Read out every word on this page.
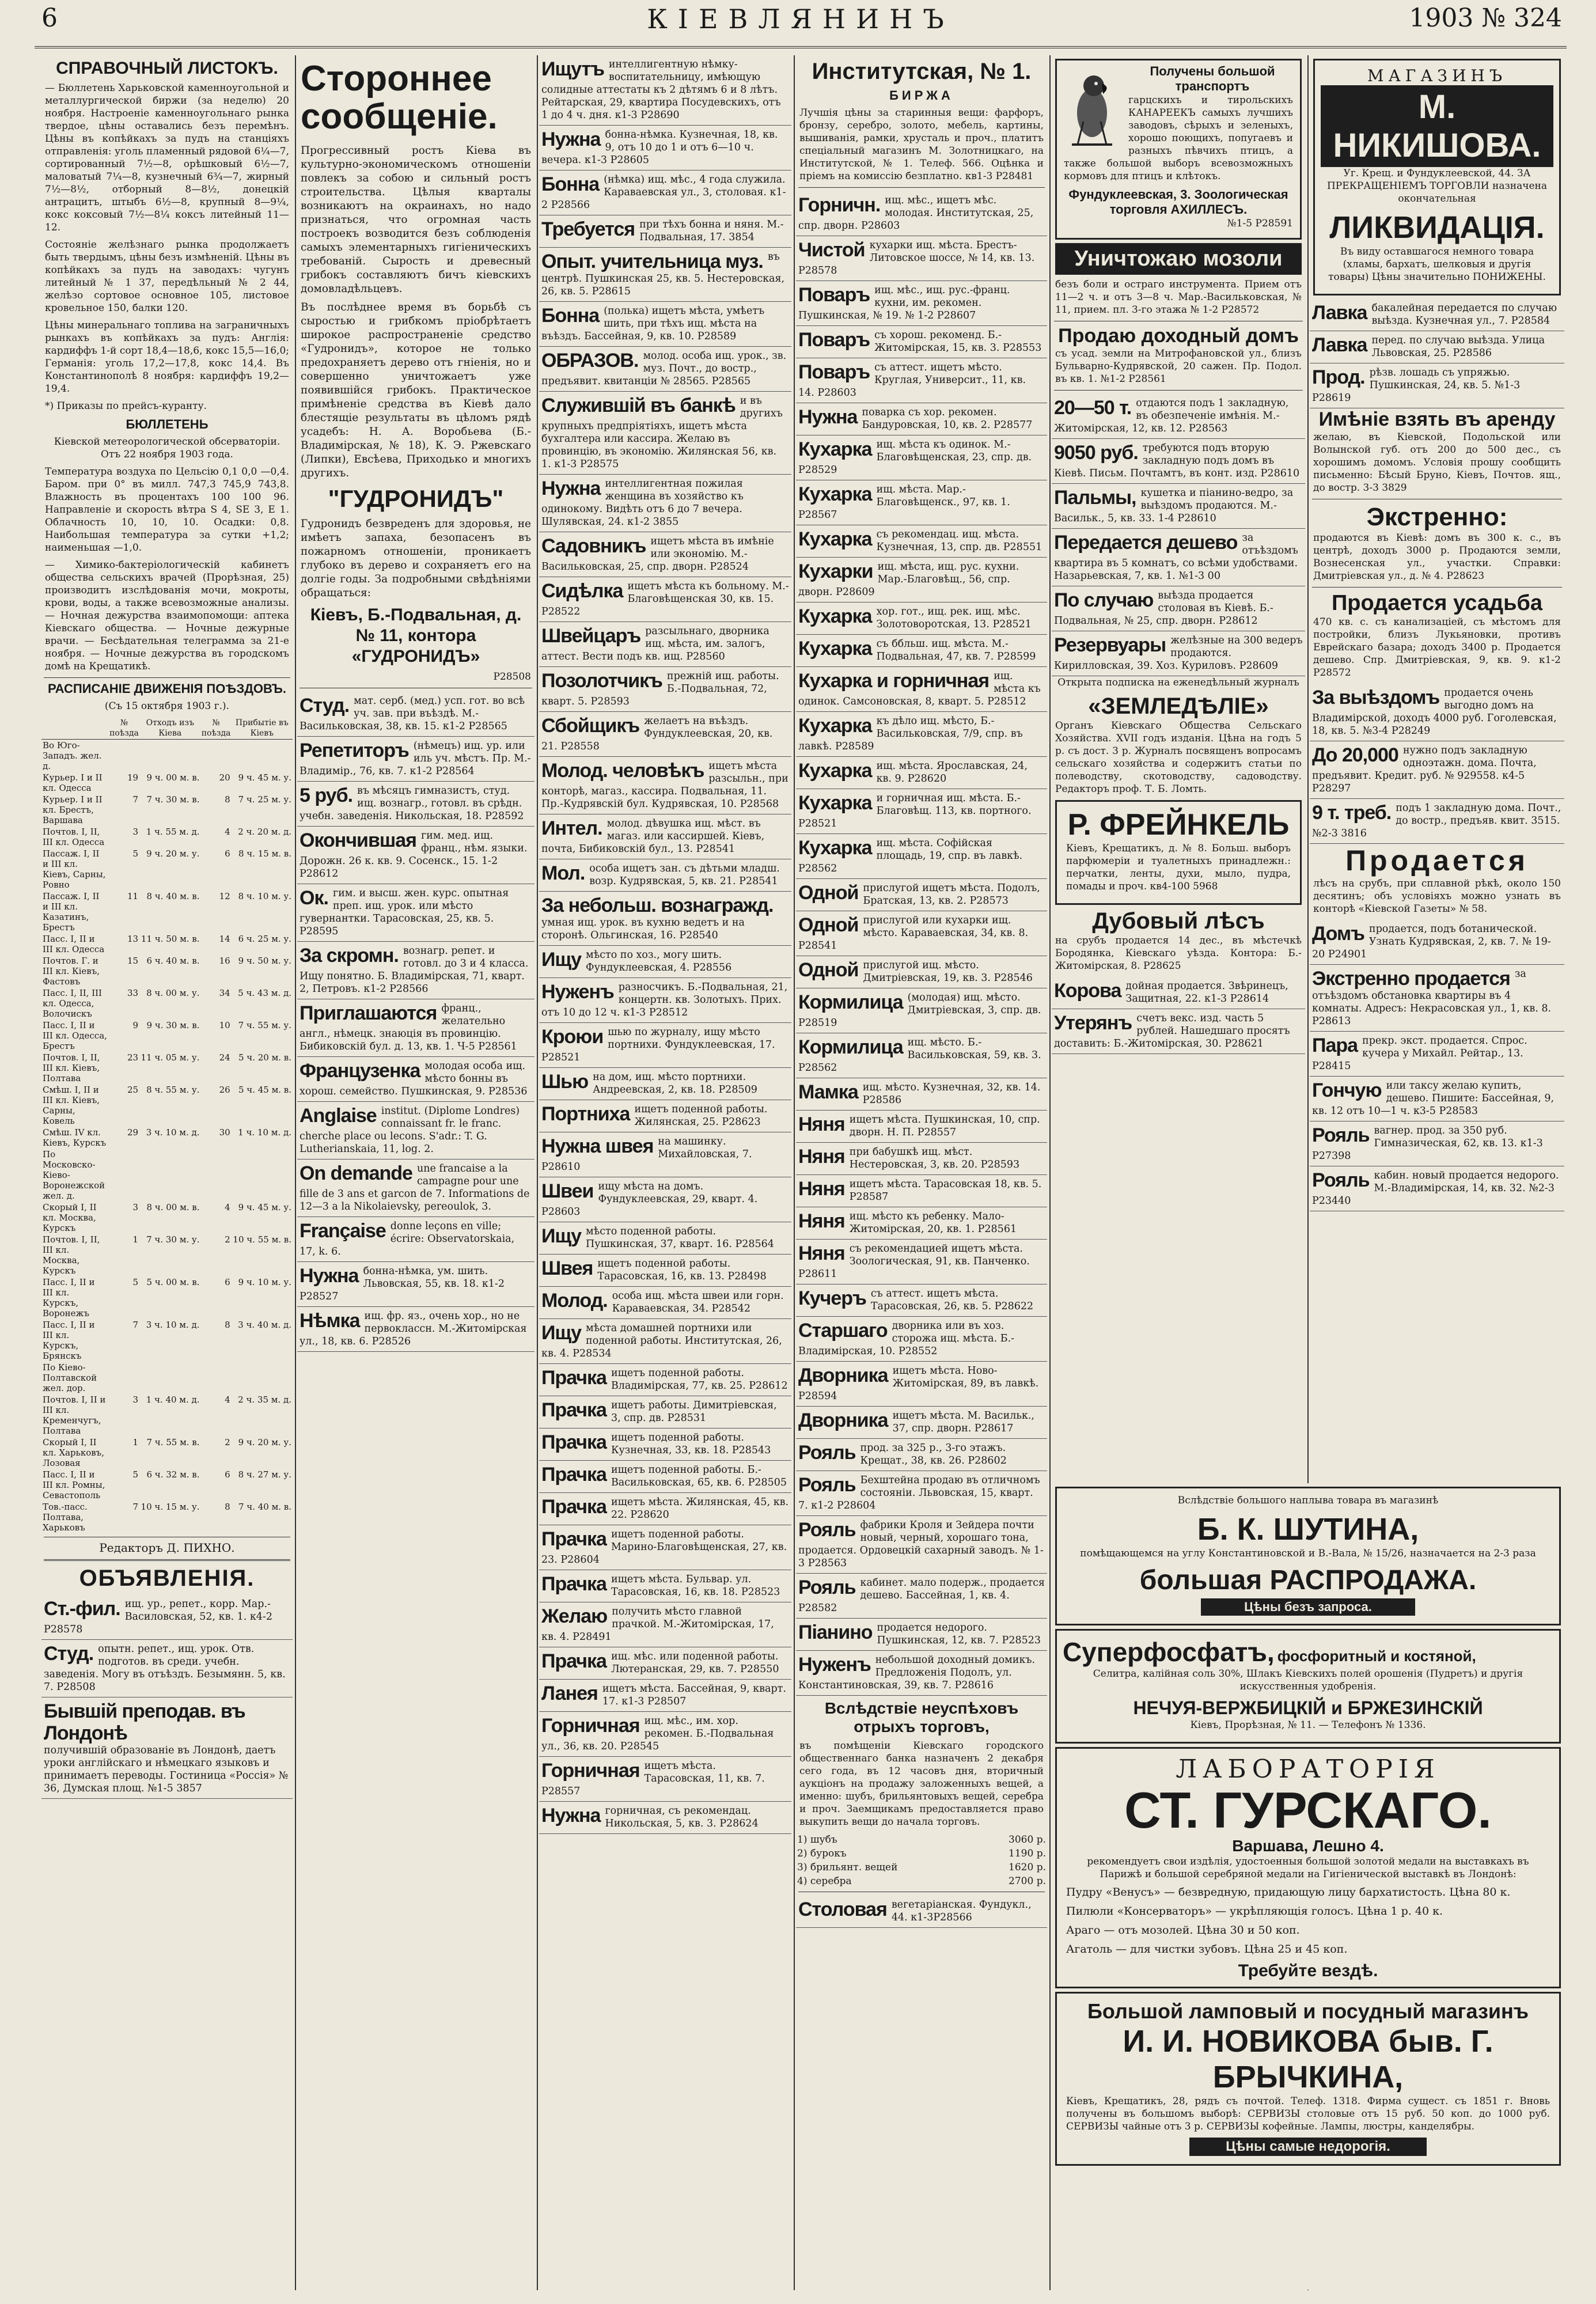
6	КІЕВЛЯНИНЪ	1903 № 324
СПРАВОЧНЫЙ ЛИСТОКЪ.
— Бюллетень Харьковской каменноугольной и металлургической биржи (за неделю) 20 ноября. Настроеніе каменноугольнаго рынка твердое, цѣны оставались безъ перемѣнъ. Цѣны въ копѣйкахъ за пудъ на станціяхъ отправленія: уголь пламенный рядовой 6¼—7, сортированный 7½—8, орѣшковый 6½—7, маловатый 7¼—8, кузнечный 6¾—7, жирный 7½—8½, отборный 8—8½, донецкій антрацитъ, штыбъ 6½—8, крупный 8—9¼, кокс коксовый 7½—8¼ коксъ литейный 11—12.
Состояніе желѣзнаго рынка продолжаетъ быть твердымъ, цѣны безъ измѣненій. Цѣны въ копѣйкахъ за пудъ на заводахъ: чугунъ литейный № 1 37, передѣльный № 2 44, желѣзо сортовое основное 105, листовое кровельное 150, балки 120.
Цѣны минеральнаго топлива на заграничныхъ рынкахъ въ копѣйкахъ за пудъ: Англія: кардиффъ 1-й сорт 18,4—18,6, кокс 15,5—16,0; Германія: уголь 17,2—17,8, кокс 14,4. Въ Константинополѣ 8 ноября: кардиффъ 19,2—19,4.
*) Приказы по прейсъ-куранту.
БЮЛЛЕТЕНЬ
Кіевской метеорологической обсерваторіи. Отъ 22 ноября 1903 года.
Температура воздуха по Цельсію 0,1 0,0 —0,4. Баром. при 0° въ милл. 747,3 745,9 743,8. Влажность въ процентахъ 100 100 96. Направленіе и скорость вѣтра S 4, SE 3, E 1. Облачность 10, 10, 10. Осадки: 0,8. Наибольшая температура за сутки +1,2; наименьшая —1,0.
— Химико-бактеріологическій кабинетъ общества сельскихъ врачей (Прорѣзная, 25) производитъ изслѣдованія мочи, мокроты, крови, воды, а также всевозможные анализы. — Ночная дежурства взаимопомощи: аптека Кіевскаго общества. — Ночные дежурные врачи. — Бесѣдательная телеграмма за 21-е ноября. — Ночные дежурства въ городскомъ домѣ на Крещатикѣ.
РАСПИСАНІЕ ДВИЖЕНІЯ ПОѢЗДОВЪ.
(Съ 15 октября 1903 г.).
	№ поѣзда	Отходъ изъ Кіева	№ поѣзда	Прибытіе въ Кіевъ
Во Юго-Западъ. жел. д.				
Курьер. I и II кл. Одесса	19	9 ч. 00 м. в.	20	9 ч. 45 м. у.
Курьер. I и II кл. Брестъ, Варшава	7	7 ч. 30 м. в.	8	7 ч. 25 м. у.
Почтов. I, II, III кл. Одесса	3	1 ч. 55 м. д.	4	2 ч. 20 м. д.
Пассаж. I, II и III кл. Кіевъ, Сарны, Ровно	5	9 ч. 20 м. у.	6	8 ч. 15 м. в.
Пассаж. I, II и III кл. Казатинъ, Брестъ	11	8 ч. 40 м. в.	12	8 ч. 10 м. у.
Пасс. I, II и III кл. Одесса	13	11 ч. 50 м. в.	14	6 ч. 25 м. у.
Почтов. Г. и III кл. Кіевъ, Фастовъ	15	6 ч. 40 м. в.	16	9 ч. 50 м. у.
Пасс. I, II, III кл. Одесса, Волочискъ	33	8 ч. 00 м. у.	34	5 ч. 43 м. д.
Пасс. I, II и III кл. Одесса, Брестъ	9	9 ч. 30 м. в.	10	7 ч. 55 м. у.
Почтов. I, II, III кл. Кіевъ, Полтава	23	11 ч. 05 м. у.	24	5 ч. 20 м. в.
Смѣш. I, II и III кл. Кіевъ, Сарны, Ковель	25	8 ч. 55 м. у.	26	5 ч. 45 м. в.
Смѣш. IV кл. Кіевъ, Курскъ	29	3 ч. 10 м. д.	30	1 ч. 10 м. д.
По Московско-Кіево-Воронежской жел. д.				
Скорый I, II кл. Москва, Курскъ	3	8 ч. 00 м. в.	4	9 ч. 45 м. у.
Почтов. I, II, III кл. Москва, Курскъ	1	7 ч. 30 м. у.	2	10 ч. 55 м. в.
Пасс. I, II и III кл. Курскъ, Воронежъ	5	5 ч. 00 м. в.	6	9 ч. 10 м. у.
Пасс. I, II и III кл. Курскъ, Брянскъ	7	3 ч. 10 м. д.	8	3 ч. 40 м. д.
По Кіево-Полтавской жел. дор.				
Почтов. I, II и III кл. Кременчугъ, Полтава	3	1 ч. 40 м. д.	4	2 ч. 35 м. д.
Скорый I, II кл. Харьковъ, Лозовая	1	7 ч. 55 м. в.	2	9 ч. 20 м. у.
Пасс. I, II и III кл. Ромны, Севастополь	5	6 ч. 32 м. в.	6	8 ч. 27 м. у.
Тов.-пасс. Полтава, Харьковъ	7	10 ч. 15 м. у.	8	7 ч. 40 м. в.
Редакторъ Д. ПИХНО.
ОБЪЯВЛЕНІЯ.
Ст.-фил. ищ. ур., репет., корр. Мар.-Василовская, 52, кв. 1. к4-2 P28578
Студ. опытн. репет., ищ. урок. Отв. подготов. въ среди. учебн. заведенія. Могу въ отъѣздъ. Безымянн. 5, кв. 7. P28508
Бывшій преподав. въ Лондонѣ
получившій образованіе въ Лондонѣ, даетъ уроки англійскаго и нѣмецкаго языковъ и принимаетъ переводы. Гостиница «Россія» № 36, Думская площ. №1-5 3857
Стороннее сообщеніе.
Прогрессивный ростъ Кіева въ культурно-экономическомъ отношеніи повлекъ за собою и сильный ростъ строительства. Цѣлыя кварталы возникаютъ на окраинахъ, но надо признаться, что огромная часть построекъ возводится безъ соблюденія самыхъ элементарныхъ гигіеническихъ требованій. Сырость и древесный грибокъ составляютъ бичъ кіевскихъ домовладѣльцевъ.
Въ послѣднее время въ борьбѣ съ сыростью и грибкомъ пріобрѣтаетъ широкое распространеніе средство «Гудронидъ», которое не только предохраняетъ дерево отъ гніенія, но и совершенно уничтожаетъ уже появившійся грибокъ. Практическое примѣненіе средства въ Кіевѣ дало блестящіе результаты въ цѣломъ рядѣ усадебъ: Н. А. Воробьева (Б.-Владимірская, № 18), К. Э. Ржевскаго (Липки), Евсѣева, Приходько и многихъ другихъ.
"ГУДРОНИДЪ"
Гудронидъ безвреденъ для здоровья, не имѣетъ запаха, безопасенъ въ пожарномъ отношеніи, проникаетъ глубоко въ дерево и сохраняетъ его на долгіе годы. За подробными свѣдѣніями обращаться:
Кіевъ, Б.-Подвальная, д. № 11, контора «ГУДРОНИДЪ»
P28508
Студ. мат. серб. (мед.) усп. гот. во всѣ уч. зав. при въѣздѣ. М.-Васильковская, 38, кв. 15. к1-2 P28565
Репетиторъ (нѣмецъ) ищ. ур. или иль уч. мѣстъ. Пр. М.-Владимір., 76, кв. 7. к1-2 P28564
5 руб. въ мѣсяцъ гимназистъ, студ. ищ. вознагр., готовл. въ срѣдн. учебн. заведенія. Никольская, 18. P28592
Окончившая гим. мед. ищ. франц., нѣм. языки. Дорожн. 26 к. кв. 9. Сосенск., 15. 1-2 P28612
Ок. гим. и высш. жен. курс. опытная преп. ищ. урок. или мѣсто гувернантки. Тарасовская, 25, кв. 5. P28595
За скромн. вознагр. репет. и готовл. до 3 и 4 класса. Ищу понятно. Б. Владимірская, 71, кварт. 2, Петровъ. к1-2 P28566
Приглашаются франц., желательно англ., нѣмецк. знаюція въ провинцію. Бибиковскій бул. д. 13, кв. 1. Ч-5 P28561
Французенка молодая особа ищ. мѣсто бонны въ хорош. семейство. Пушкинская, 9. P28536
Anglaise institut. (Diplome Londres) connaissant fr. le franc. cherche place ou lecons. S'adr.: T. G. Lutherianskaia, 11, log. 2.
On demande une francaise a la campagne pour une fille de 3 ans et garcon de 7. Informations de 12—3 a la Nikolaievsky, pereoulok, 3.
Française donne leçons en ville; écrire: Observatorskaia, 17, k. 6.
Нужна бонна-нѣмка, ум. шить. Львовская, 55, кв. 18. к1-2 P28527
Нѣмка ищ. фр. яз., очень хор., но не первоклассн. М.-Житомірская ул., 18, кв. 6. P28526
Ищутъ интеллигентную нѣмку-воспитательницу, имѣющую солидные аттестаты къ 2 дѣтямъ 6 и 8 лѣтъ. Рейтарская, 29, квартира Посудевскихъ, отъ 1 до 4 ч. дня. к1-3 P28690
Нужна бонна-нѣмка. Кузнечная, 18, кв. 9, отъ 10 до 1 и отъ 6—10 ч. вечера. к1-3 P28605
Бонна (нѣмка) ищ. мѣс., 4 года служила. Караваевская ул., 3, столовая. к1-2 P28566
Требуется при тѣхъ бонна и няня. М.-Подвальная, 17. 3854
Опыт. учительница муз. въ центрѣ. Пушкинская 25, кв. 5. Нестеровская, 26, кв. 5. P28615
Бонна (полька) ищетъ мѣста, умѣетъ шить, при тѣхъ ищ. мѣста на въѣздъ. Бассейная, 9, кв. 10. P28589
ОБРАЗОВ. молод. особа ищ. урок., зв. муз. Почт., до востр., предъявит. квитанціи № 28565. P28565
Служившій въ банкѣ и въ другихъ крупныхъ предпріятіяхъ, ищетъ мѣста бухгалтера или кассира. Желаю въ провинцію, въ экономію. Жилянская 56, кв. 1. к1-3 P28575
Нужна интеллигентная пожилая женщина въ хозяйство къ одинокому. Видѣть отъ 6 до 7 вечера. Шулявская, 24. к1-2 3855
Садовникъ ищетъ мѣста въ имѣніе или экономію. М.-Васильковская, 25, спр. дворн. P28524
Сидѣлка ищетъ мѣста къ больному. М.-Благовѣщенская 30, кв. 15. P28522
Швейцаръ разсыльнаго, дворника ищ. мѣста, им. залогъ, аттест. Вести подъ кв. ищ. P28560
Позолотчикъ прежній ищ. работы. Б.-Подвальная, 72, кварт. 5. P28593
Сбойщикъ желаетъ на въѣздъ. Фундуклеевская, 20, кв. 21. P28558
Молод. человѣкъ ищетъ мѣста разсыльн., при конторѣ, магаз., кассира. Подвальная, 11. Пр.-Кудрявскій бул. Кудрявская, 10. P28568
Интел. молод. дѣвушка ищ. мѣст. въ магаз. или кассиршей. Кіевъ, почта, Бибиковскій бул., 13. P28541
Мол. особа ищетъ зан. съ дѣтьми младш. возр. Кудрявская, 5, кв. 21. P28541
За небольш. вознагражд.
умная ищ. урок. въ кухню ведетъ и на сторонѣ. Ольгинская, 16. P28540
Ищу мѣсто по хоз., могу шить. Фундуклеевская, 4. P28556
Нуженъ разносчикъ. Б.-Подвальная, 21, концертн. кв. Золотыхъ. Прих. отъ 10 до 12 ч. к1-3 P28512
Кроюи шью по журналу, ищу мѣсто портнихи. Фундуклеевская, 17. P28521
Шью на дом, ищ. мѣсто портнихи. Андреевская, 2, кв. 18. P28509
Портниха ищетъ поденной работы. Жилянская, 25. P28623
Нужна швея на машинку. Михайловская, 7. P28610
Швеи ищу мѣста на домъ. Фундуклеевская, 29, кварт. 4. P28603
Ищу мѣсто поденной работы. Пушкинская, 37, кварт. 16. P28564
Швея ищетъ поденной работы. Тарасовская, 16, кв. 13. P28498
Молод. особа ищ. мѣста швеи или горн. Караваевская, 34. P28542
Ищу мѣста домашней портнихи или поденной работы. Институтская, 26, кв. 4. P28534
Прачка ищетъ поденной работы. Владимірская, 77, кв. 25. P28612
Прачка ищетъ работы. Димитріевская, 3, спр. дв. P28531
Прачка ищетъ поденной работы. Кузнечная, 33, кв. 18. P28543
Прачка ищетъ поденной работы. Б.-Васильковская, 65, кв. 6. P28505
Прачка ищетъ мѣста. Жилянская, 45, кв. 22. P28620
Прачка ищетъ поденной работы. Марино-Благовѣщенская, 27, кв. 23. P28604
Прачка ищетъ мѣста. Бульвар. ул. Тарасовская, 16, кв. 18. P28523
Желаю получить мѣсто главной прачкой. М.-Житомірская, 17, кв. 4. P28491
Прачка ищ. мѣс. или поденной работы. Лютеранская, 29, кв. 7. P28550
Ланея ищетъ мѣста. Бассейная, 9, кварт. 17. к1-3 P28507
Горничная ищ. мѣс., им. хор. рекомен. Б.-Подвальная ул., 36, кв. 20. P28545
Горничная ищетъ мѣста. Тарасовская, 11, кв. 7. P28557
Нужна горничная, съ рекомендац. Никольская, 5, кв. 3. P28624
Институтская, № 1.
БИРЖА
Лучшія цѣны за старинныя вещи: фарфоръ, бронзу, серебро, золото, мебель, картины, вышиванія, рамки, хрусталь и проч., платитъ спеціальный магазинъ М. Золотницкаго, на Институтской, № 1. Телеф. 566. Оцѣнка и пріемъ на комиссію безплатно. кв1-3 P28481
Горничн. ищ. мѣс., ищетъ мѣс. молодая. Институтская, 25, спр. дворн. P28603
Чистой кухарки ищ. мѣста. Брестъ-Литовское шоссе, № 14, кв. 13. P28578
Поваръ ищ. мѣс., ищ. рус.-франц. кухни, им. рекомен. Пушкинская, № 19. № 1-2 P28607
Поваръ съ хорош. рекоменд. Б.-Житомірская, 15, кв. 3. P28553
Поваръ съ аттест. ищетъ мѣсто. Круглая, Университ., 11, кв. 14. P28603
Нужна поварка съ хор. рекомен. Бандуровская, 10, кв. 2. P28577
Кухарка ищ. мѣста къ одинок. М.-Благовѣщенская, 23, спр. дв. P28529
Кухарка ищ. мѣста. Мар.-Благовѣщенск., 97, кв. 1. P28567
Кухарка съ рекомендац. ищ. мѣста. Кузнечная, 13, спр. дв. P28551
Кухарки ищ. мѣста, ищ. рус. кухни. Мар.-Благовѣщ., 56, спр. дворн. P28609
Кухарка хор. гот., ищ. рек. ищ. мѣс. Золотоворотская, 13. P28521
Кухарка съ ббльш. ищ. мѣста. М.-Подвальная, 47, кв. 7. P28599
Кухарка и горничная ищ. мѣста къ одинок. Самсоновская, 8, кварт. 5. P28512
Кухарка къ дѣло ищ. мѣсто, Б.-Васильковская, 7/9, спр. въ лавкѣ. P28589
Кухарка ищ. мѣста. Ярославская, 24, кв. 9. P28620
Кухарка и горничная ищ. мѣста. Б.-Благовѣщ. 113, кв. портного. P28521
Кухарка ищ. мѣста. Софійская площадь, 19, спр. въ лавкѣ. P28562
Одной прислугой ищетъ мѣста. Подолъ, Братская, 13, кв. 2. P28573
Одной прислугой или кухарки ищ. мѣсто. Караваевская, 34, кв. 8. P28541
Одной прислугой ищ. мѣсто. Дмитріевская, 19, кв. 3. P28546
Кормилица (молодая) ищ. мѣсто. Дмитріевская, 3, спр. дв. P28519
Кормилица ищ. мѣсто. Б.-Васильковская, 59, кв. 3. P28562
Мамка ищ. мѣсто. Кузнечная, 32, кв. 14. P28586
Няня ищетъ мѣста. Пушкинская, 10, спр. дворн. Н. П. P28557
Няня при бабушкѣ ищ. мѣст. Нестеровская, 3, кв. 20. P28593
Няня ищетъ мѣста. Тарасовская 18, кв. 5. P28587
Няня ищ. мѣсто къ ребенку. Мало-Житомірская, 20, кв. 1. P28561
Няня съ рекомендацией ищетъ мѣста. Зоологическая, 91, кв. Панченко. P28611
Кучеръ съ аттест. ищетъ мѣста. Тарасовская, 26, кв. 5. P28622
Старшаго дворника или въ хоз. сторожа ищ. мѣста. Б.-Владимірская, 10. P28552
Дворника ищетъ мѣста. Ново-Житомірская, 89, въ лавкѣ. P28594
Дворника ищетъ мѣста. М. Васильк., 37, спр. дворн. P28617
Рояль прод. за 325 р., 3-го этажъ. Крещат., 38, кв. 26. P28602
Рояль Бехштейна продаю въ отличномъ состояніи. Львовская, 15, кварт. 7. к1-2 P28604
Рояль фабрики Кроля и Зейдера почти новый, черный, хорошаго тона, продается. Ордовецкій сахарный заводъ. № 1-3 P28563
Рояль кабинет. мало подерж., продается дешево. Бассейная, 1, кв. 4. P28582
Піанино продается недорого. Пушкинская, 12, кв. 7. P28523
Нуженъ небольшой доходный домикъ. Предложенія Подолъ, ул. Константиновская, 39, кв. 7. P28616
Вслѣдствіе неуспѣховъ отрыхъ торговъ,
въ помѣщеніи Кіевскаго городского общественнаго банка назначенъ 2 декабря сего года, въ 12 часовъ дня, вторичный аукціонъ на продажу заложенныхъ вещей, а именно: шубъ, брильянтовыхъ вещей, серебра и проч. Заемщикамъ предоставляется право выкупить вещи до начала торговъ.
1) шубъ	3060 р.
2) бурокъ	1190 р.
3) брильянт. вещей	1620 р.
4) серебра	2700 р.
Столовая вегетаріанская. Фундукл., 44. к1-3P28566
Получены большой транспортъ
гарцскихъ и тирольскихъ КАНАРЕЕКЪ самыхъ лучшихъ заводовъ, сѣрыхъ и зеленыхъ, хорошо поющихъ, попугаевъ и разныхъ пѣвчихъ птицъ, а также большой выборъ всевозможныхъ кормовъ для птицъ и клѣтокъ.
Фундуклеевская, 3. Зоологическая торговля АХИЛЛЕСЪ.
№1-5 P28591
Уничтожаю мозоли
безъ боли и остраго инструмента. Прием отъ 11—2 ч. и отъ 3—8 ч. Мар.-Васильковская, № 11, прием. пл. 3-го этажа № 1-2 P28572
Продаю доходный домъ
съ усад. земли на Митрофановской ул., близъ Бульварно-Кудрявской, 20 сажен. Пр. Подол. въ кв. 1. №1-2 P28561
20—50 т. отдаются подъ 1 закладную, въ обезпеченіе имѣнія. М.-Житомірская, 12, кв. 12. P28563
9050 руб. требуются подъ вторую закладную подъ домъ въ Кіевѣ. Письм. Почтамтъ, въ конт. изд. P28610
Пальмы, кушетка и піанино-ведро, за выѣздомъ продаются. М.-Васильк., 5, кв. 33. 1-4 P28610
Передается дешево за отъѣздомъ квартира въ 5 комнатъ, со всѣми удобствами. Назарьевская, 7, кв. 1. №1-3 00
По случаю выѣзда продается столовая въ Кіевѣ. Б.-Подвальная, № 25, спр. дворн. P28612
Резервуары желѣзные на 300 ведеръ продаются. Кирилловская, 39. Хоз. Куриловъ. P28609
Открыта подписка на еженедѣльный журналъ
«ЗЕМЛЕДѢЛІЕ»
Органъ Кіевскаго Общества Сельскаго Хозяйства. XVII годъ изданія. Цѣна на годъ 5 р. съ дост. 3 р. Журналъ посвященъ вопросамъ сельскаго хозяйства и содержитъ статьи по полеводству, скотоводству, садоводству. Редакторъ проф. Т. Б. Ломть.
Р. ФРЕЙНКЕЛЬ
Кіевъ, Крещатикъ, д. № 8. Больш. выборъ парфюмеріи и туалетныхъ принадлежн.: перчатки, ленты, духи, мыло, пудра, помады и проч. кв4-100 5968
Дубовый лѣсъ
на срубъ продается 14 дес., въ мѣстечкѣ Бородянка, Кіевскаго уѣзда. Контора: Б.-Житомірская, 8. P28625
Корова дойная продается. Звѣринецъ, Защитная, 22. к1-3 P28614
Утерянъ счетъ векс. изд. часть 5 рублей. Нашедшаго просятъ доставить: Б.-Житомірская, 30. P28621
Вслѣдствіе большого наплыва товара въ магазинѣ
Б. К. ШУТИНА,
помѣщающемся на углу Константиновской и В.-Вала, № 15/26, назначается на 2-3 раза
большая РАСПРОДАЖА.
Цѣны безъ запроса.
Суперфосфатъ, фосфоритный и костяной,
Селитра, калійная соль 30%, Шлакъ Кіевскихъ полей орошенія (Пудретъ) и другія искусственныя удобренія.
НЕЧУЯ-ВЕРЖБИЦКІЙ и БРЖЕЗИНСКІЙ
Кіевъ, Прорѣзная, № 11. — Телефонъ № 1336.
ЛАБОРАТОРІЯ
СТ. ГУРСКАГО.
Варшава, Лешно 4.
рекомендуетъ свои издѣлія, удостоенныя большой золотой медали на выставкахъ въ Парижѣ и большой серебряной медали на Гигіенической выставкѣ въ Лондонѣ:
Пудру «Венусъ» — безвредную, придающую лицу бархатистость. Цѣна 80 к.
Пилюли «Консерваторъ» — укрѣпляющія голосъ. Цѣна 1 р. 40 к.
Араго — отъ мозолей. Цѣна 30 и 50 коп.
Агатоль — для чистки зубовъ. Цѣна 25 и 45 коп.
Требуйте вездѣ.
Большой ламповый и посудный магазинъ
И. И. НОВИКОВА быв. Г. БРЫЧКИНА,
Кіевъ, Крещатикъ, 28, рядъ съ почтой. Телеф. 1318. Фирма сущест. съ 1851 г. Вновь получены въ большомъ выборѣ: СЕРВИЗЫ столовые отъ 15 руб. 50 коп. до 1000 руб. СЕРВИЗЫ чайные отъ 3 р. СЕРВИЗЫ кофейные. Лампы, люстры, канделябры.
Цѣны самые недорогія.
МАГАЗИНЪ
М. НИКИШОВА.
Уг. Крещ. и Фундуклеевской, 44. ЗА ПРЕКРАЩЕНІЕМЪ ТОРГОВЛИ назначена окончательная
ЛИКВИДАЦІЯ.
Въ виду оставшагося немного товара (хламы, бархатъ, шелковыя и другія товары) Цѣны значительно ПОНИЖЕНЫ.
Лавка бакалейная передается по случаю выѣзда. Кузнечная ул., 7. P28584
Лавка перед. по случаю выѣзда. Улица Львовская, 25. P28586
Прод. рѣзв. лошадь съ упряжью. Пушкинская, 24, кв. 5. №1-3 P28619
Имѣніе взять въ аренду
желаю, въ Кіевской, Подольской или Волынской губ. отъ 200 до 500 дес., съ хорошимъ домомъ. Условія прошу сообщить письменно: Бѣсый Бруно, Кіевъ, Почтов. ящ., до востр. 3-3 3829
Экстренно:
продаются въ Кіевѣ: домъ въ 300 к. с., въ центрѣ, доходъ 3000 р. Продаются земли, Вознесенская ул., участки. Справки: Дмитріевская ул., д. № 4. P28623
Продается усадьба
470 кв. с. съ канализаціей, съ мѣстомъ для постройки, близъ Лукьяновки, противъ Еврейскаго базара; доходъ 3400 р. Продается дешево. Спр. Дмитріевская, 9, кв. 9. к1-2 P28572
За выѣздомъ продается очень выгодно домъ на Владимірской, доходъ 4000 руб. Гоголевская, 18, кв. 5. №3-4 P28249
До 20,000 нужно подъ закладную одноэтажн. дома. Почта, предъявит. Кредит. руб. № 929558. к4-5 P28297
9 т. треб. подъ 1 закладную дома. Почт., до востр., предъяв. квит. 3515. №2-3 3816
Продается
лѣсъ на срубъ, при сплавной рѣкѣ, около 150 десятинъ; объ условіяхъ можно узнать въ конторѣ «Кіевской Газеты» № 58.
Домъ продается, подъ ботанической. Узнать Кудрявская, 2, кв. 7. № 19-20 P24901
Экстренно продается за отъѣздомъ обстановка квартиры въ 4 комнаты. Адресъ: Некрасовская ул., 1, кв. 8. P28613
Пара прекр. экст. продается. Спрос. кучера у Михайл. Рейтар., 13. P28415
Гончую или таксу желаю купить, дешево. Пишите: Бассейная, 9, кв. 12 отъ 10—1 ч. к3-5 P28583
Рояль вагнер. прод. за 350 руб. Гимназическая, 62, кв. 13. к1-3 P27398
Рояль кабин. новый продается недорого. М.-Владимірская, 14, кв. 32. №2-3 P23440
